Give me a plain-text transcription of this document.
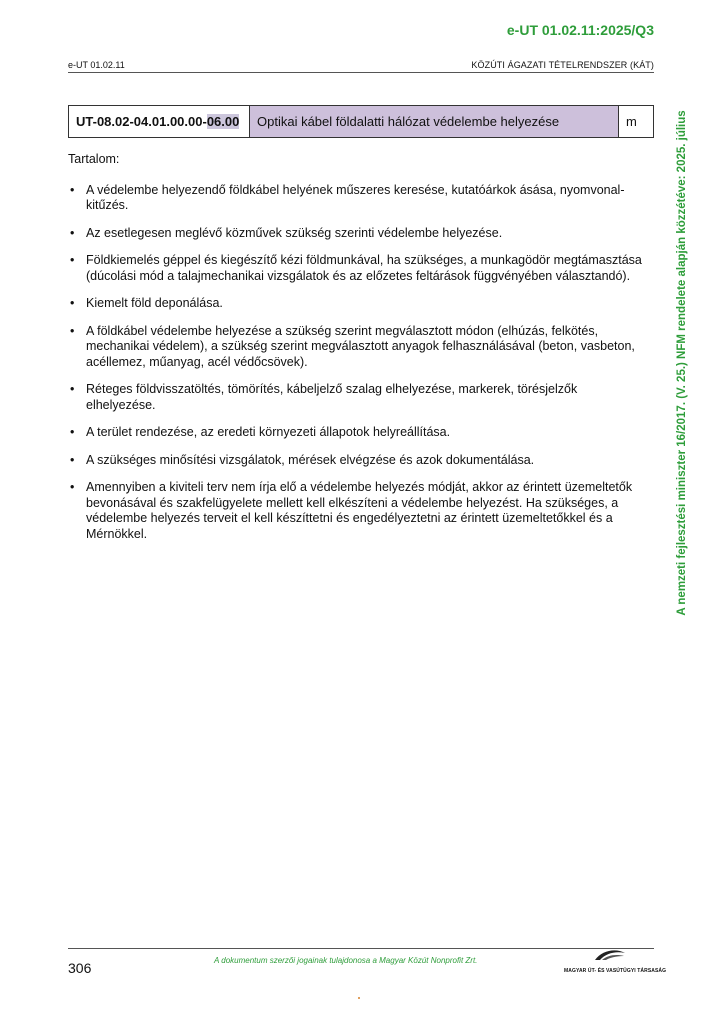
e-UT 01.02.11:2025/Q3
e-UT 01.02.11	KÖZÚTI ÁGAZATI TÉTELRENDSZER (KÁT)
A nemzeti fejlesztési miniszter 16/2017. (V. 25.) NFM rendelete alapján közzétéve: 2025. július
UT-08.02-04.01.00.00-06.00	Optikai kábel földalatti hálózat védelembe helyezése	m

Tartalom:

• A védelembe helyezendő földkábel helyének műszeres keresése, kutatóárkok ásása, nyomvonal-kitűzés.
• Az esetlegesen meglévő közművek szükség szerinti védelembe helyezése.
• Földkiemelés géppel és kiegészítő kézi földmunkával, ha szükséges, a munkagödör megtámasztása (dúcolási mód a talajmechanikai vizsgálatok és az előzetes feltárások függvényében választandó).
• Kiemelt föld deponálása.
• A földkábel védelembe helyezése a szükség szerint megválasztott módon (elhúzás, felkötés, mechanikai védelem), a szükség szerint megválasztott anyagok felhasználásával (beton, vasbeton, acéllemez, műanyag, acél védőcsövek).
• Réteges földvisszatöltés, tömörítés, kábeljelző szalag elhelyezése, markerek, törésjelzők elhelyezése.
• A terület rendezése, az eredeti környezeti állapotok helyreállítása.
• A szükséges minősítési vizsgálatok, mérések elvégzése és azok dokumentálása.
• Amennyiben a kiviteli terv nem írja elő a védelembe helyezés módját, akkor az érintett üzemeltetők bevonásával és szakfelügyelete mellett kell elkészíteni a védelembe helyezést. Ha szükséges, a védelembe helyezés terveit el kell készíttetni és engedélyeztetni az érintett üzemeltetőkkel és a Mérnökkel.
306	A dokumentum szerzői jogainak tulajdonosa a Magyar Közút Nonprofit Zrt.
MAGYAR ÚT- ÉS VASÚTÜGYI TÁRSASÁG
